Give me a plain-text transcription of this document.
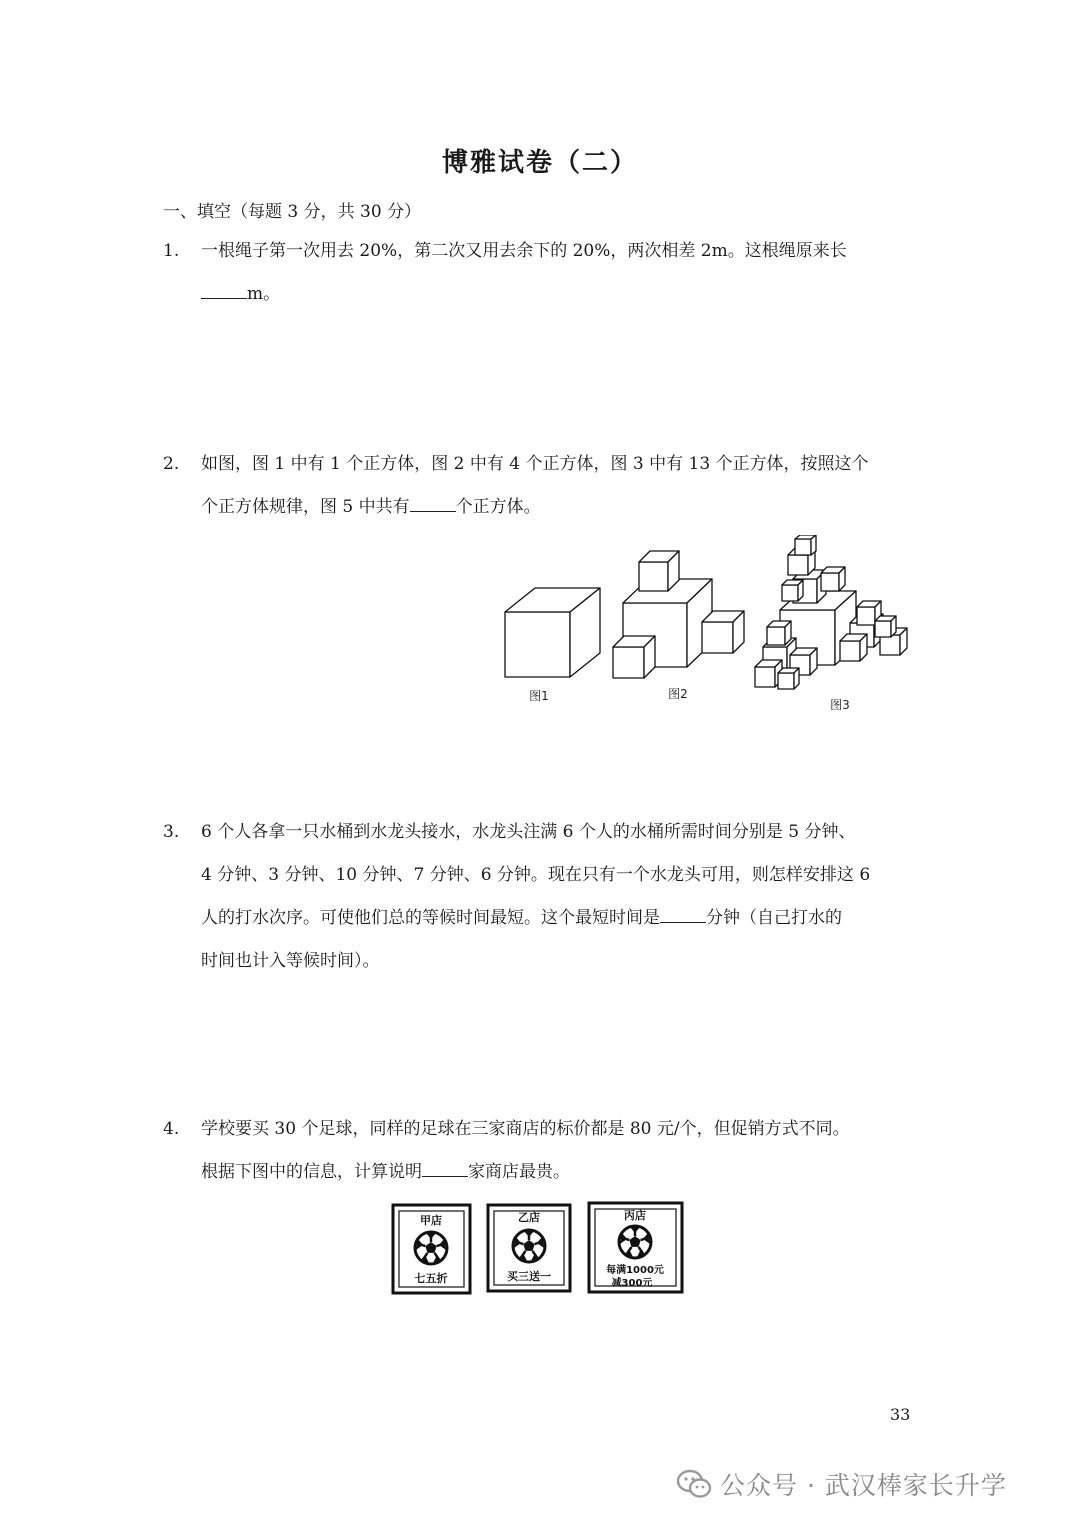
博雅试卷（二）
一、填空（每题 3 分，共 30 分）
1.	一根绳子第一次用去 20%，第二次又用去余下的 20%，两次相差 2m。这根绳原来长
m。
2.	如图，图 1 中有 1 个正方体，图 2 中有 4 个正方体，图 3 中有 13 个正方体，按照这个
个正方体规律，图 5 中共有	个正方体。
图1	图2
图3
3.	6 个人各拿一只水桶到水龙头接水，水龙头注满 6 个人的水桶所需时间分别是 5 分钟、
4 分钟、3 分钟、10 分钟、7 分钟、6 分钟。现在只有一个水龙头可用，则怎样安排这 6
人的打水次序。可使他们总的等候时间最短。这个最短时间是	分钟（自己打水的
时间也计入等候时间）。
4.	学校要买 30 个足球，同样的足球在三家商店的标价都是 80 元/个，但促销方式不同。
根据下图中的信息，计算说明	家商店最贵。
甲店
七五折
乙店
买三送一
丙店
每满1000元
减300元
33
公众号 · 武汉棒家长升学
